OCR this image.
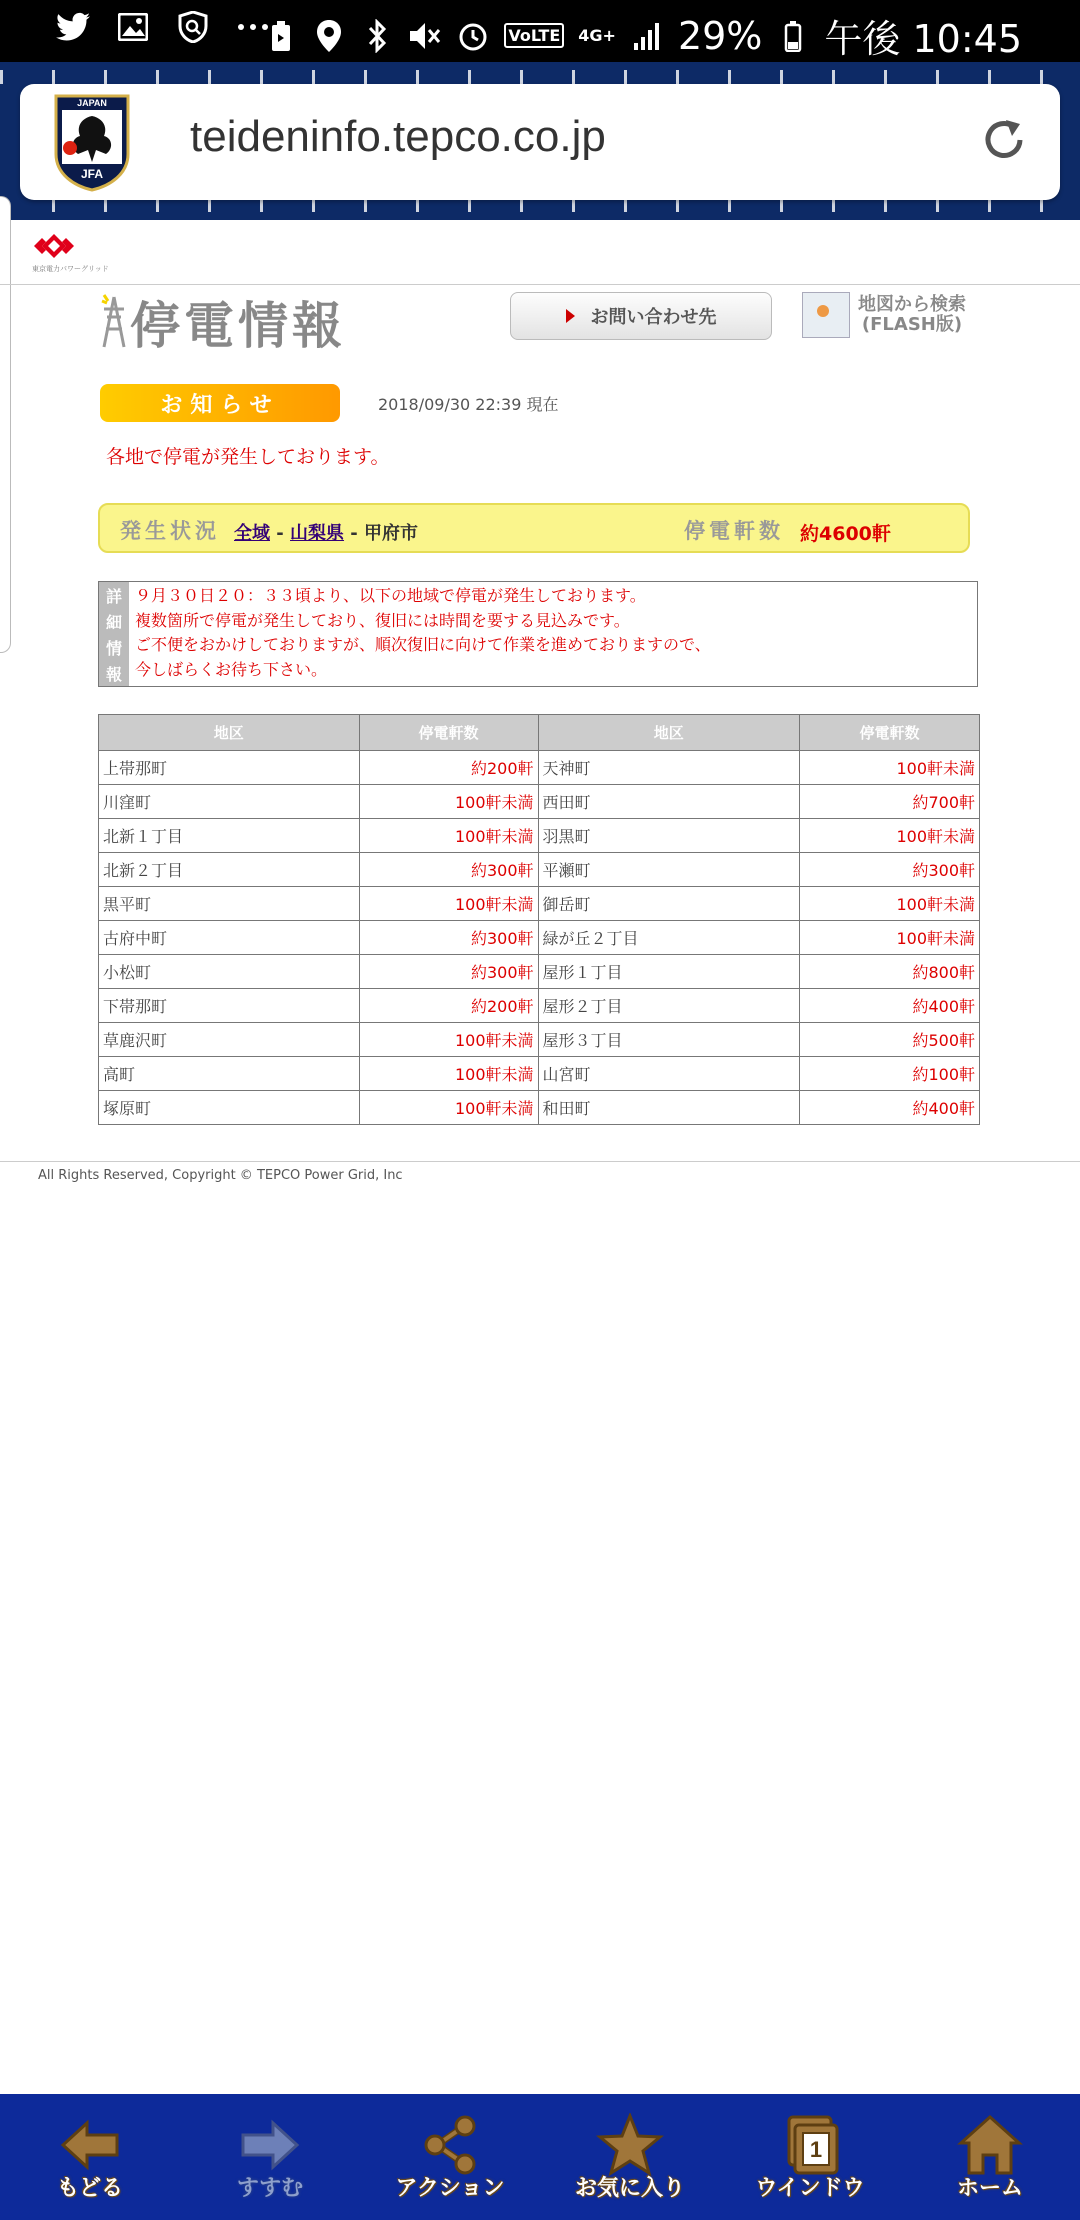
VoLTE 4G+ 29% 午後 10:45
JAPAN
JFA
teideninfo.tepco.co.jp
東京電力パワーグリッド
停電情報	お問い合わせ先
地図から検索
(FLASH版)
お知らせ	2018/09/30 22:39 現在
各地で停電が発生しております。
発生状況 全域 - 山梨県 - 甲府市	停電軒数 約4600軒
詳
細
情
報
９月３０日２０：３３頃より、以下の地域で停電が発生しております。
複数箇所で停電が発生しており、復旧には時間を要する見込みです。
ご不便をおかけしておりますが、順次復旧に向けて作業を進めておりますので、
今しばらくお待ち下さい。
地区	停電軒数	地区	停電軒数
上帯那町	約200軒	天神町	100軒未満
川窪町	100軒未満	西田町	約700軒
北新１丁目	100軒未満	羽黒町	100軒未満
北新２丁目	約300軒	平瀬町	約300軒
黒平町	100軒未満	御岳町	100軒未満
古府中町	約300軒	緑が丘２丁目	100軒未満
小松町	約300軒	屋形１丁目	約800軒
下帯那町	約200軒	屋形２丁目	約400軒
草鹿沢町	100軒未満	屋形３丁目	約500軒
高町	100軒未満	山宮町	約100軒
塚原町	100軒未満	和田町	約400軒
All Rights Reserved, Copyright © TEPCO Power Grid, Inc
もどる	すすむ	アクション	お気に入り
1
ウインドウ	ホーム
